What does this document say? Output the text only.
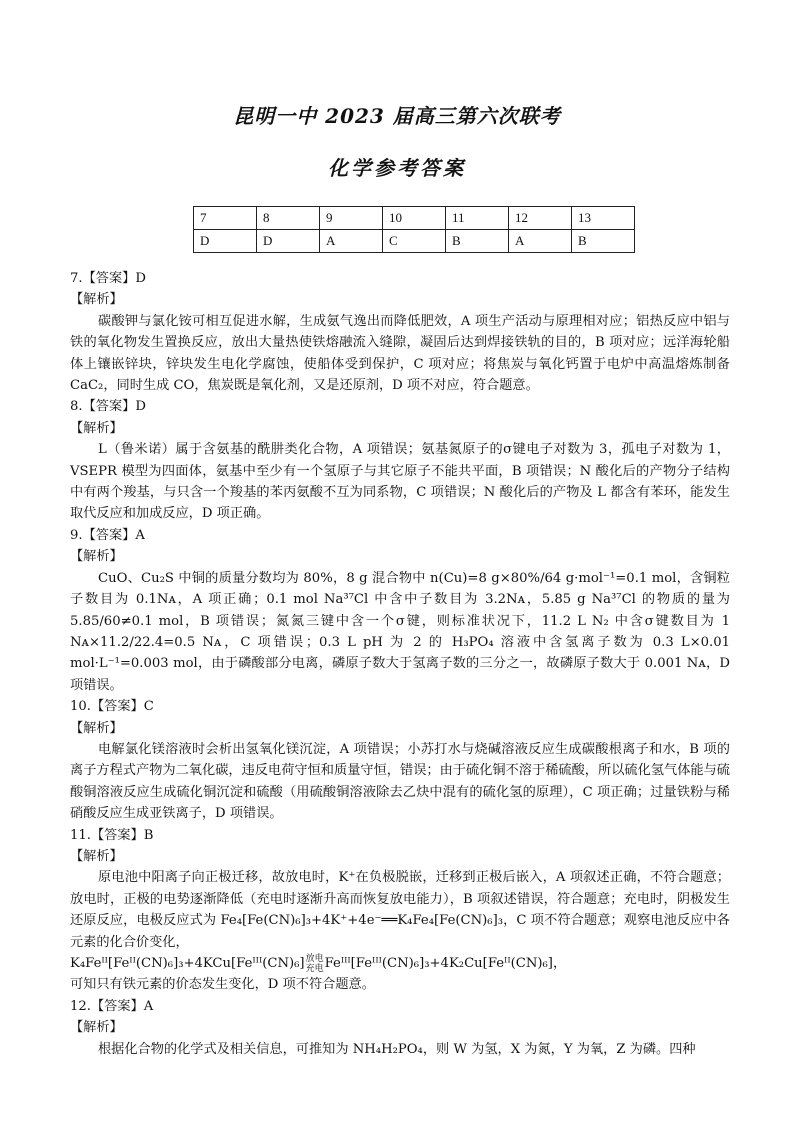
昆明一中 2023 届高三第六次联考
化学参考答案
7	8	9	10	11	12	13
D	D	A	C	B	A	B

7.【答案】D

【解析】

碳酸钾与氯化铵可相互促进水解，生成氨气逸出而降低肥效，A 项生产活动与原理相对应；铝热反应中铝与铁的氧化物发生置换反应，放出大量热使铁熔融流入缝隙，凝固后达到焊接铁轨的目的，B 项对应；远洋海轮船体上镶嵌锌块，锌块发生电化学腐蚀，使船体受到保护，C 项对应；将焦炭与氧化钙置于电炉中高温熔炼制备 CaC₂，同时生成 CO，焦炭既是氧化剂，又是还原剂，D 项不对应，符合题意。

8.【答案】D

【解析】

L（鲁米诺）属于含氨基的酰肼类化合物，A 项错误；氨基氮原子的σ键电子对数为 3，孤电子对数为 1，VSEPR 模型为四面体，氨基中至少有一个氢原子与其它原子不能共平面，B 项错误；N 酸化后的产物分子结构中有两个羧基，与只含一个羧基的苯丙氨酸不互为同系物，C 项错误；N 酸化后的产物及 L 都含有苯环，能发生取代反应和加成反应，D 项正确。

9.【答案】A

【解析】

CuO、Cu₂S 中铜的质量分数均为 80%，8 g 混合物中 n(Cu)=8 g×80%/64 g·mol⁻¹=0.1 mol，含铜粒子数目为 0.1Nᴀ，A 项正确；0.1 mol Na³⁷Cl 中含中子数目为 3.2Nᴀ，5.85 g Na³⁷Cl 的物质的量为 5.85/60≠0.1 mol，B 项错误；氮氮三键中含一个σ键，则标准状况下，11.2 L N₂ 中含σ键数目为 1 Nᴀ×11.2/22.4=0.5 Nᴀ，C 项错误；0.3 L pH 为 2 的 H₃PO₄ 溶液中含氢离子数为 0.3 L×0.01 mol·L⁻¹=0.003 mol，由于磷酸部分电离，磷原子数大于氢离子数的三分之一，故磷原子数大于 0.001 Nᴀ，D 项错误。

10.【答案】C

【解析】

电解氯化镁溶液时会析出氢氧化镁沉淀，A 项错误；小苏打水与烧碱溶液反应生成碳酸根离子和水，B 项的离子方程式产物为二氧化碳，违反电荷守恒和质量守恒，错误；由于硫化铜不溶于稀硫酸，所以硫化氢气体能与硫酸铜溶液反应生成硫化铜沉淀和硫酸（用硫酸铜溶液除去乙炔中混有的硫化氢的原理），C 项正确；过量铁粉与稀硝酸反应生成亚铁离子，D 项错误。

11.【答案】B

【解析】

原电池中阳离子向正极迁移，故放电时，K⁺在负极脱嵌，迁移到正极后嵌入，A 项叙述正确，不符合题意；放电时，正极的电势逐渐降低（充电时逐渐升高而恢复放电能力），B 项叙述错误，符合题意；充电时，阴极发生还原反应，电极反应式为 Fe₄[Fe(CN)₆]₃+4K⁺+4e⁻══K₄Fe₄[Fe(CN)₆]₃，C 项不符合题意；观察电池反应中各元素的化合价变化，

K₄Feᴵᴵ[Feᴵᴵ(CN)₆]₃+4KCu[Feᴵᴵᴵ(CN)₆]放电
充电Feᴵᴵᴵ[Feᴵᴵᴵ(CN)₆]₃+4K₂Cu[Feᴵᴵ(CN)₆]，

可知只有铁元素的价态发生变化，D 项不符合题意。

12.【答案】A

【解析】

根据化合物的化学式及相关信息，可推知为 NH₄H₂PO₄，则 W 为氢，X 为氮，Y 为氧，Z 为磷。四种
